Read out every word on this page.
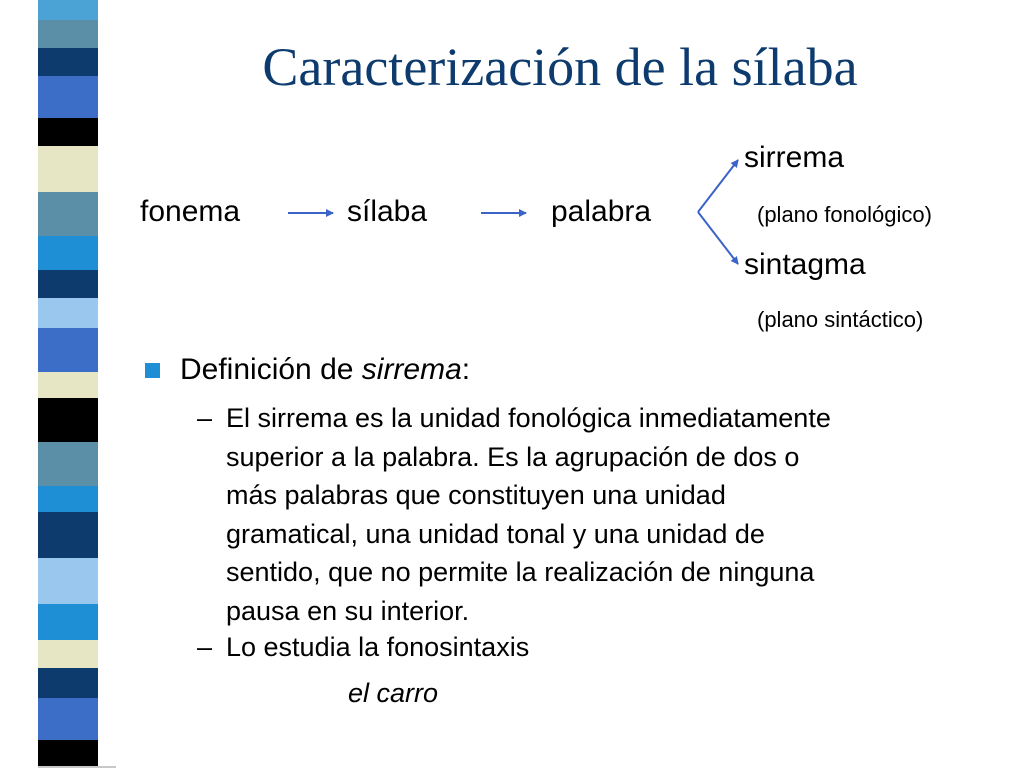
Caracterización de la sílaba
sirrema
fonema	sílaba	palabra	(plano fonológico)
sintagma
(plano sintáctico)
Definición de sirrema:
– El sirrema es la unidad fonológica inmediatamente
superior a la palabra. Es la agrupación de dos o
más palabras que constituyen una unidad
gramatical, una unidad tonal y una unidad de
sentido, que no permite la realización de ninguna
pausa en su interior.
– Lo estudia la fonosintaxis
el carro
